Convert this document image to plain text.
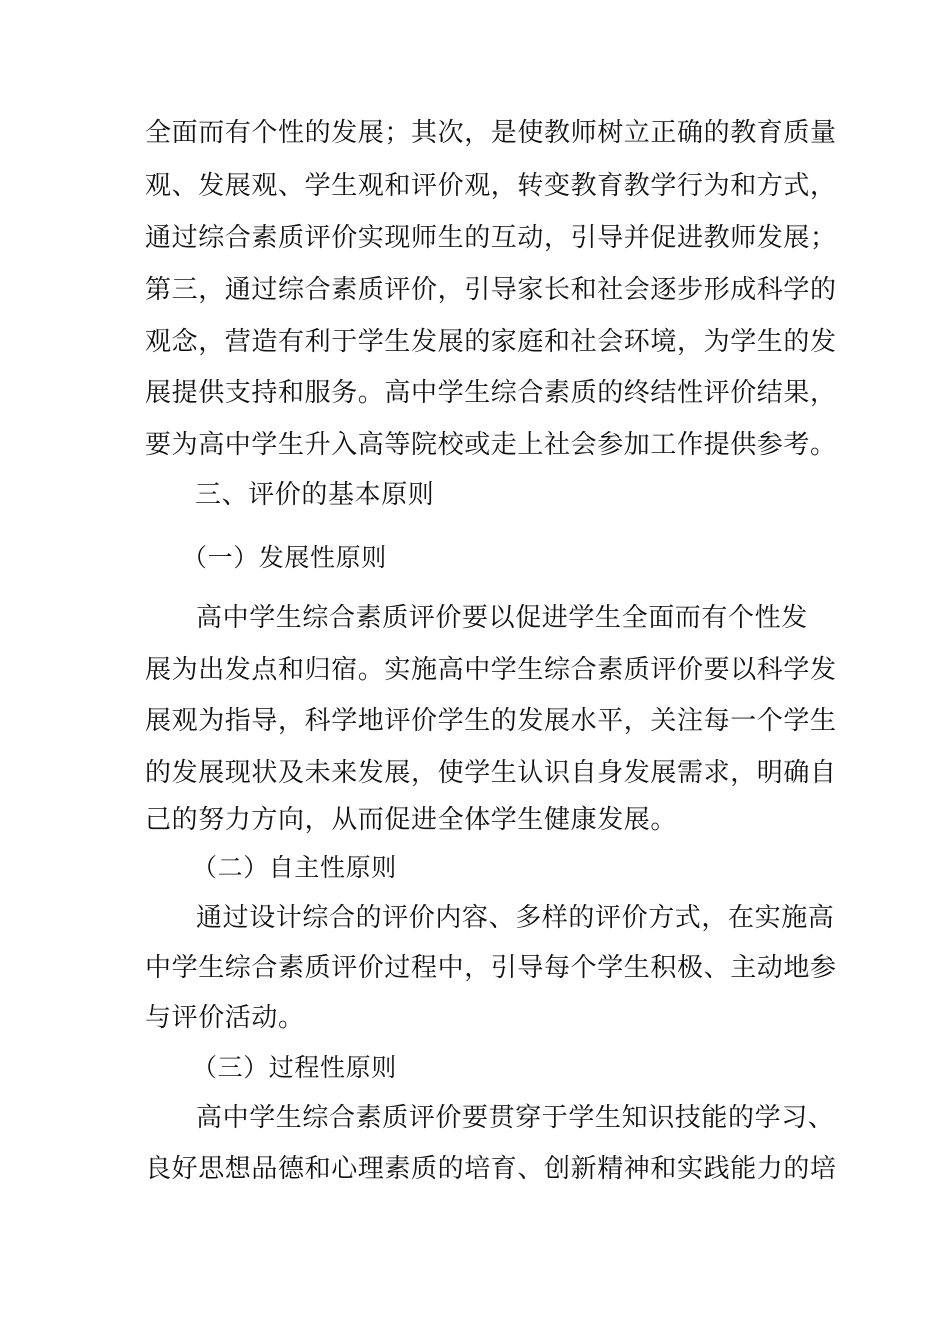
全面而有个性的发展；其次，是使教师树立正确的教育质量
观、发展观、学生观和评价观，转变教育教学行为和方式，
通过综合素质评价实现师生的互动，引导并促进教师发展；
第三，通过综合素质评价，引导家长和社会逐步形成科学的
观念，营造有利于学生发展的家庭和社会环境，为学生的发
展提供支持和服务。高中学生综合素质的终结性评价结果，
要为高中学生升入高等院校或走上社会参加工作提供参考。
三、评价的基本原则
（一）发展性原则
高中学生综合素质评价要以促进学生全面而有个性发
展为出发点和归宿。实施高中学生综合素质评价要以科学发
展观为指导，科学地评价学生的发展水平，关注每一个学生
的发展现状及未来发展，使学生认识自身发展需求，明确自
己的努力方向，从而促进全体学生健康发展。
（二）自主性原则
通过设计综合的评价内容、多样的评价方式，在实施高
中学生综合素质评价过程中，引导每个学生积极、主动地参
与评价活动。
（三）过程性原则
高中学生综合素质评价要贯穿于学生知识技能的学习、
良好思想品德和心理素质的培育、创新精神和实践能力的培
